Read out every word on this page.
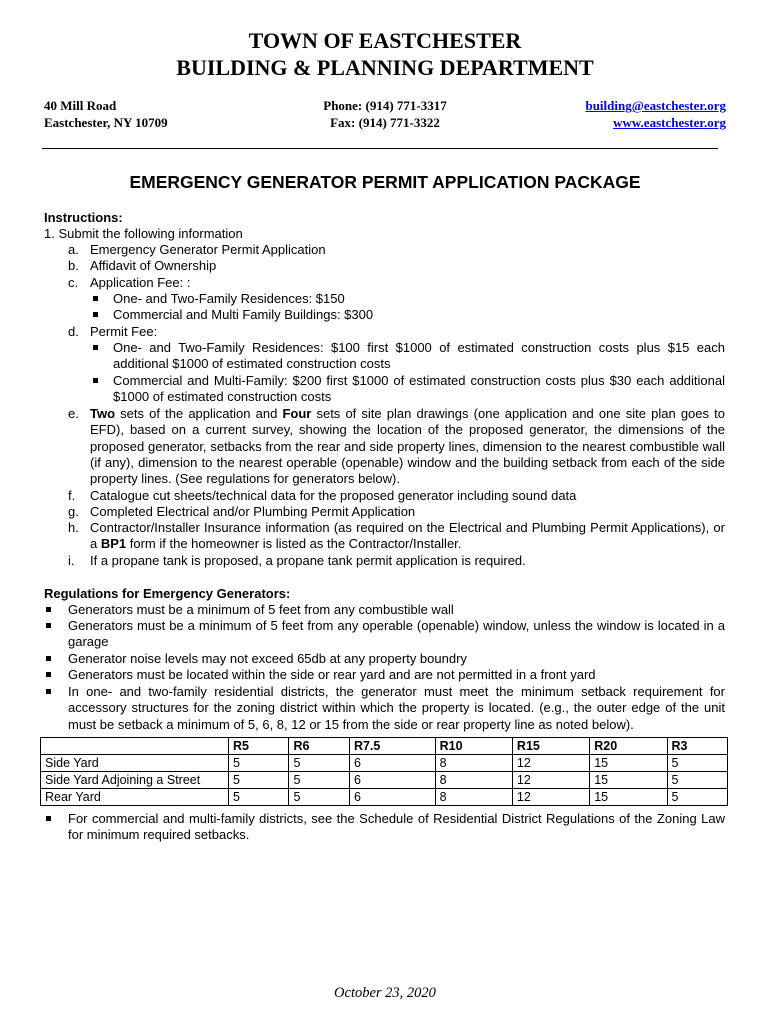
TOWN OF EASTCHESTER
BUILDING & PLANNING DEPARTMENT
40 Mill Road
Eastchester, NY 10709
Phone: (914) 771-3317
Fax: (914) 771-3322
building@eastchester.org
www.eastchester.org
EMERGENCY GENERATOR PERMIT APPLICATION PACKAGE
Instructions:
1. Submit the following information
a. Emergency Generator Permit Application
b. Affidavit of Ownership
c. Application Fee: :
One- and Two-Family Residences: $150
Commercial and Multi Family Buildings: $300
d. Permit Fee:
One- and Two-Family Residences: $100 first $1000 of estimated construction costs plus $15 each additional $1000 of estimated construction costs
Commercial and Multi-Family: $200 first $1000 of estimated construction costs plus $30 each additional $1000 of estimated construction costs
e. Two sets of the application and Four sets of site plan drawings (one application and one site plan goes to EFD), based on a current survey, showing the location of the proposed generator, the dimensions of the proposed generator, setbacks from the rear and side property lines, dimension to the nearest combustible wall (if any), dimension to the nearest operable (openable) window and the building setback from each of the side property lines. (See regulations for generators below).
f. Catalogue cut sheets/technical data for the proposed generator including sound data
g. Completed Electrical and/or Plumbing Permit Application
h. Contractor/Installer Insurance information (as required on the Electrical and Plumbing Permit Applications), or a BP1 form if the homeowner is listed as the Contractor/Installer.
i. If a propane tank is proposed, a propane tank permit application is required.
Regulations for Emergency Generators:
Generators must be a minimum of 5 feet from any combustible wall
Generators must be a minimum of 5 feet from any operable (openable) window, unless the window is located in a garage
Generator noise levels may not exceed 65db at any property boundry
Generators must be located within the side or rear yard and are not permitted in a front yard
In one- and two-family residential districts, the generator must meet the minimum setback requirement for accessory structures for the zoning district within which the property is located. (e.g., the outer edge of the unit must be setback a minimum of 5, 6, 8, 12 or 15 from the side or rear property line as noted below).
	R5	R6	R7.5	R10	R15	R20	R3
Side Yard	5	5	6	8	12	15	5
Side Yard Adjoining a Street	5	5	6	8	12	15	5
Rear Yard	5	5	6	8	12	15	5
For commercial and multi-family districts, see the Schedule of Residential District Regulations of the Zoning Law for minimum required setbacks.
October 23, 2020
